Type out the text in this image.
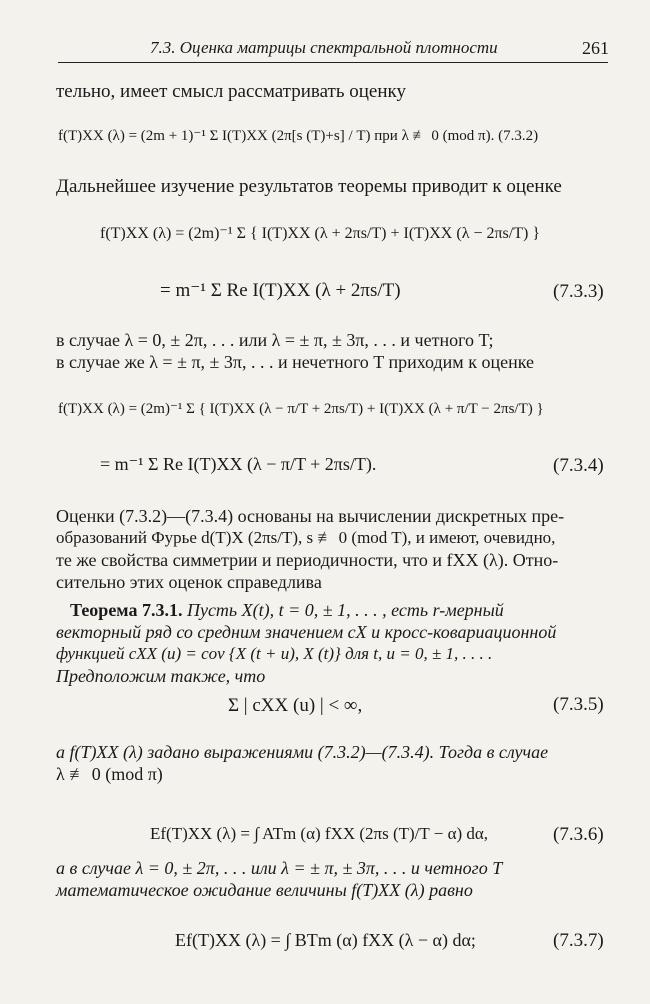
7.3. Оценка матрицы спектральной плотности	261
тельно, имеет смысл рассматривать оценку
f(T)XX (λ) = (2m + 1)⁻¹ Σ I(T)XX (2π[s (T)+s] / T) при λ ≢ 0 (mod π). (7.3.2)
Дальнейшее изучение результатов теоремы приводит к оценке
f(T)XX (λ) = (2m)⁻¹ Σ { I(T)XX (λ + 2πs/T) + I(T)XX (λ − 2πs/T) }
= m⁻¹ Σ Re I(T)XX (λ + 2πs/T)	(7.3.3)
в случае λ = 0, ± 2π, . . . или λ = ± π, ± 3π, . . . и четного T;
в случае же λ = ± π, ± 3π, . . . и нечетного T приходим к оценке
f(T)XX (λ) = (2m)⁻¹ Σ { I(T)XX (λ − π/T + 2πs/T) + I(T)XX (λ + π/T − 2πs/T) }
= m⁻¹ Σ Re I(T)XX (λ − π/T + 2πs/T).	(7.3.4)
Оценки (7.3.2)—(7.3.4) основаны на вычислении дискретных пре-
образований Фурье d(T)X (2πs/T), s ≢ 0 (mod T), и имеют, очевидно,
те же свойства симметрии и периодичности, что и fXX (λ). Отно-
сительно этих оценок справедлива
Теорема 7.3.1. Пусть X(t), t = 0, ± 1, . . . , есть r-мерный
векторный ряд со средним значением cX и кросс-ковариационной
функцией cXX (u) = cov {X (t + u), X (t)} для t, u = 0, ± 1, . . . .
Предположим также, что
Σ | cXX (u) | < ∞,	(7.3.5)
а f(T)XX (λ) задано выражениями (7.3.2)—(7.3.4). Тогда в случае
λ ≢ 0 (mod π)
Ef(T)XX (λ) = ∫ ATm (α) fXX (2πs (T)/T − α) dα,	(7.3.6)
а в случае λ = 0, ± 2π, . . . или λ = ± π, ± 3π, . . . и четного T
математическое ожидание величины f(T)XX (λ) равно
Ef(T)XX (λ) = ∫ BTm (α) fXX (λ − α) dα;	(7.3.7)
